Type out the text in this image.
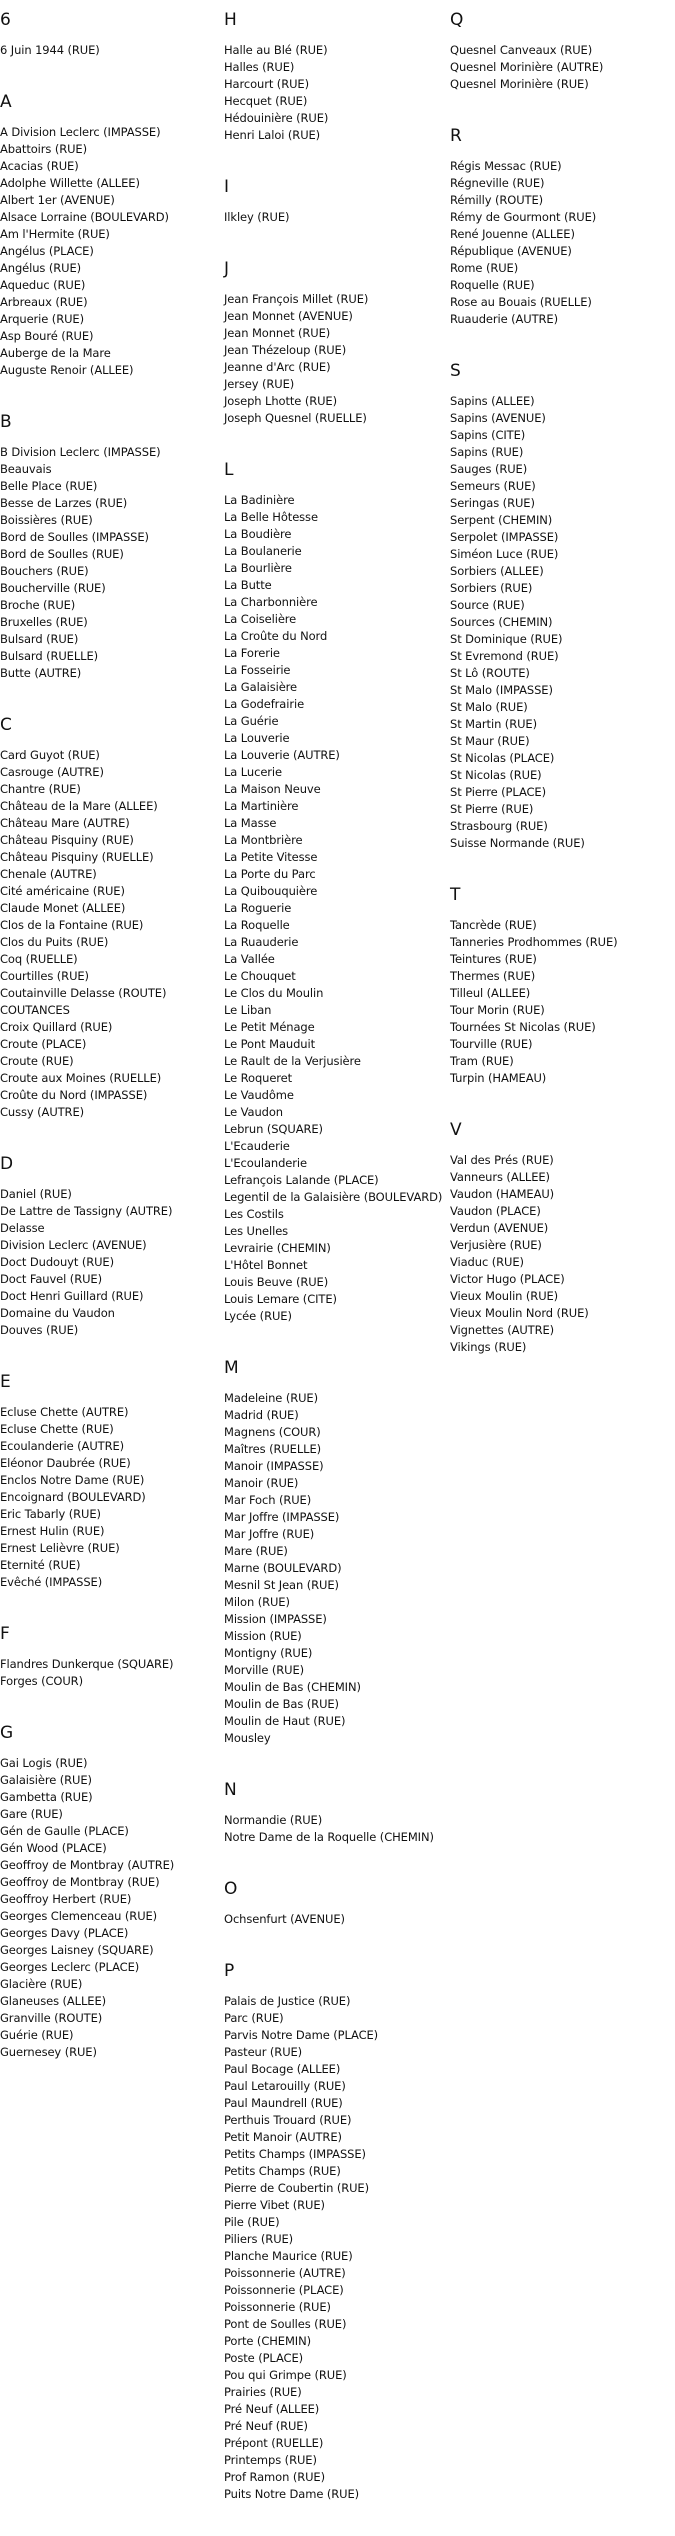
6
6 Juin 1944 (RUE)
A
A Division Leclerc (IMPASSE)
Abattoirs (RUE)
Acacias (RUE)
Adolphe Willette (ALLEE)
Albert 1er (AVENUE)
Alsace Lorraine (BOULEVARD)
Am l'Hermite (RUE)
Angélus (PLACE)
Angélus (RUE)
Aqueduc (RUE)
Arbreaux (RUE)
Arquerie (RUE)
Asp Bouré (RUE)
Auberge de la Mare
Auguste Renoir (ALLEE)
B
B Division Leclerc (IMPASSE)
Beauvais
Belle Place (RUE)
Besse de Larzes (RUE)
Boissières (RUE)
Bord de Soulles (IMPASSE)
Bord de Soulles (RUE)
Bouchers (RUE)
Boucherville (RUE)
Broche (RUE)
Bruxelles (RUE)
Bulsard (RUE)
Bulsard (RUELLE)
Butte (AUTRE)
C
Card Guyot (RUE)
Casrouge (AUTRE)
Chantre (RUE)
Château de la Mare (ALLEE)
Château Mare (AUTRE)
Château Pisquiny (RUE)
Château Pisquiny (RUELLE)
Chenale (AUTRE)
Cité américaine (RUE)
Claude Monet (ALLEE)
Clos de la Fontaine (RUE)
Clos du Puits (RUE)
Coq (RUELLE)
Courtilles (RUE)
Coutainville Delasse (ROUTE)
COUTANCES
Croix Quillard (RUE)
Croute (PLACE)
Croute (RUE)
Croute aux Moines (RUELLE)
Croûte du Nord (IMPASSE)
Cussy (AUTRE)
D
Daniel (RUE)
De Lattre de Tassigny (AUTRE)
Delasse
Division Leclerc (AVENUE)
Doct Dudouyt (RUE)
Doct Fauvel (RUE)
Doct Henri Guillard (RUE)
Domaine du Vaudon
Douves (RUE)
E
Ecluse Chette (AUTRE)
Ecluse Chette (RUE)
Ecoulanderie (AUTRE)
Eléonor Daubrée (RUE)
Enclos Notre Dame (RUE)
Encoignard (BOULEVARD)
Eric Tabarly (RUE)
Ernest Hulin (RUE)
Ernest Lelièvre (RUE)
Eternité (RUE)
Evêché (IMPASSE)
F
Flandres Dunkerque (SQUARE)
Forges (COUR)
G
Gai Logis (RUE)
Galaisière (RUE)
Gambetta (RUE)
Gare (RUE)
Gén de Gaulle (PLACE)
Gén Wood (PLACE)
Geoffroy de Montbray (AUTRE)
Geoffroy de Montbray (RUE)
Geoffroy Herbert (RUE)
Georges Clemenceau (RUE)
Georges Davy (PLACE)
Georges Laisney (SQUARE)
Georges Leclerc (PLACE)
Glacière (RUE)
Glaneuses (ALLEE)
Granville (ROUTE)
Guérie (RUE)
Guernesey (RUE)
H
Halle au Blé (RUE)
Halles (RUE)
Harcourt (RUE)
Hecquet (RUE)
Hédouinière (RUE)
Henri Laloi (RUE)
I
Ilkley (RUE)
J
Jean François Millet (RUE)
Jean Monnet (AVENUE)
Jean Monnet (RUE)
Jean Thézeloup (RUE)
Jeanne d'Arc (RUE)
Jersey (RUE)
Joseph Lhotte (RUE)
Joseph Quesnel (RUELLE)
L
La Badinière
La Belle Hôtesse
La Boudière
La Boulanerie
La Bourlière
La Butte
La Charbonnière
La Coiselière
La Croûte du Nord
La Forerie
La Fosseirie
La Galaisière
La Godefrairie
La Guérie
La Louverie
La Louverie (AUTRE)
La Lucerie
La Maison Neuve
La Martinière
La Masse
La Montbrière
La Petite Vitesse
La Porte du Parc
La Quibouquière
La Roguerie
La Roquelle
La Ruauderie
La Vallée
Le Chouquet
Le Clos du Moulin
Le Liban
Le Petit Ménage
Le Pont Mauduit
Le Rault de la Verjusière
Le Roqueret
Le Vaudôme
Le Vaudon
Lebrun (SQUARE)
L'Ecauderie
L'Ecoulanderie
Lefrançois Lalande (PLACE)
Legentil de la Galaisière (BOULEVARD)
Les Costils
Les Unelles
Levrairie (CHEMIN)
L'Hôtel Bonnet
Louis Beuve (RUE)
Louis Lemare (CITE)
Lycée (RUE)
M
Madeleine (RUE)
Madrid (RUE)
Magnens (COUR)
Maîtres (RUELLE)
Manoir (IMPASSE)
Manoir (RUE)
Mar Foch (RUE)
Mar Joffre (IMPASSE)
Mar Joffre (RUE)
Mare (RUE)
Marne (BOULEVARD)
Mesnil St Jean (RUE)
Milon (RUE)
Mission (IMPASSE)
Mission (RUE)
Montigny (RUE)
Morville (RUE)
Moulin de Bas (CHEMIN)
Moulin de Bas (RUE)
Moulin de Haut (RUE)
Mousley
N
Normandie (RUE)
Notre Dame de la Roquelle (CHEMIN)
O
Ochsenfurt (AVENUE)
P
Palais de Justice (RUE)
Parc (RUE)
Parvis Notre Dame (PLACE)
Pasteur (RUE)
Paul Bocage (ALLEE)
Paul Letarouilly (RUE)
Paul Maundrell (RUE)
Perthuis Trouard (RUE)
Petit Manoir (AUTRE)
Petits Champs (IMPASSE)
Petits Champs (RUE)
Pierre de Coubertin (RUE)
Pierre Vibet (RUE)
Pile (RUE)
Piliers (RUE)
Planche Maurice (RUE)
Poissonnerie (AUTRE)
Poissonnerie (PLACE)
Poissonnerie (RUE)
Pont de Soulles (RUE)
Porte (CHEMIN)
Poste (PLACE)
Pou qui Grimpe (RUE)
Prairies (RUE)
Pré Neuf (ALLEE)
Pré Neuf (RUE)
Prépont (RUELLE)
Printemps (RUE)
Prof Ramon (RUE)
Puits Notre Dame (RUE)
Q
Quesnel Canveaux (RUE)
Quesnel Morinière (AUTRE)
Quesnel Morinière (RUE)
R
Régis Messac (RUE)
Régneville (RUE)
Rémilly (ROUTE)
Rémy de Gourmont (RUE)
René Jouenne (ALLEE)
République (AVENUE)
Rome (RUE)
Roquelle (RUE)
Rose au Bouais (RUELLE)
Ruauderie (AUTRE)
S
Sapins (ALLEE)
Sapins (AVENUE)
Sapins (CITE)
Sapins (RUE)
Sauges (RUE)
Semeurs (RUE)
Seringas (RUE)
Serpent (CHEMIN)
Serpolet (IMPASSE)
Siméon Luce (RUE)
Sorbiers (ALLEE)
Sorbiers (RUE)
Source (RUE)
Sources (CHEMIN)
St Dominique (RUE)
St Evremond (RUE)
St Lô (ROUTE)
St Malo (IMPASSE)
St Malo (RUE)
St Martin (RUE)
St Maur (RUE)
St Nicolas (PLACE)
St Nicolas (RUE)
St Pierre (PLACE)
St Pierre (RUE)
Strasbourg (RUE)
Suisse Normande (RUE)
T
Tancrède (RUE)
Tanneries Prodhommes (RUE)
Teintures (RUE)
Thermes (RUE)
Tilleul (ALLEE)
Tour Morin (RUE)
Tournées St Nicolas (RUE)
Tourville (RUE)
Tram (RUE)
Turpin (HAMEAU)
V
Val des Prés (RUE)
Vanneurs (ALLEE)
Vaudon (HAMEAU)
Vaudon (PLACE)
Verdun (AVENUE)
Verjusière (RUE)
Viaduc (RUE)
Victor Hugo (PLACE)
Vieux Moulin (RUE)
Vieux Moulin Nord (RUE)
Vignettes (AUTRE)
Vikings (RUE)
